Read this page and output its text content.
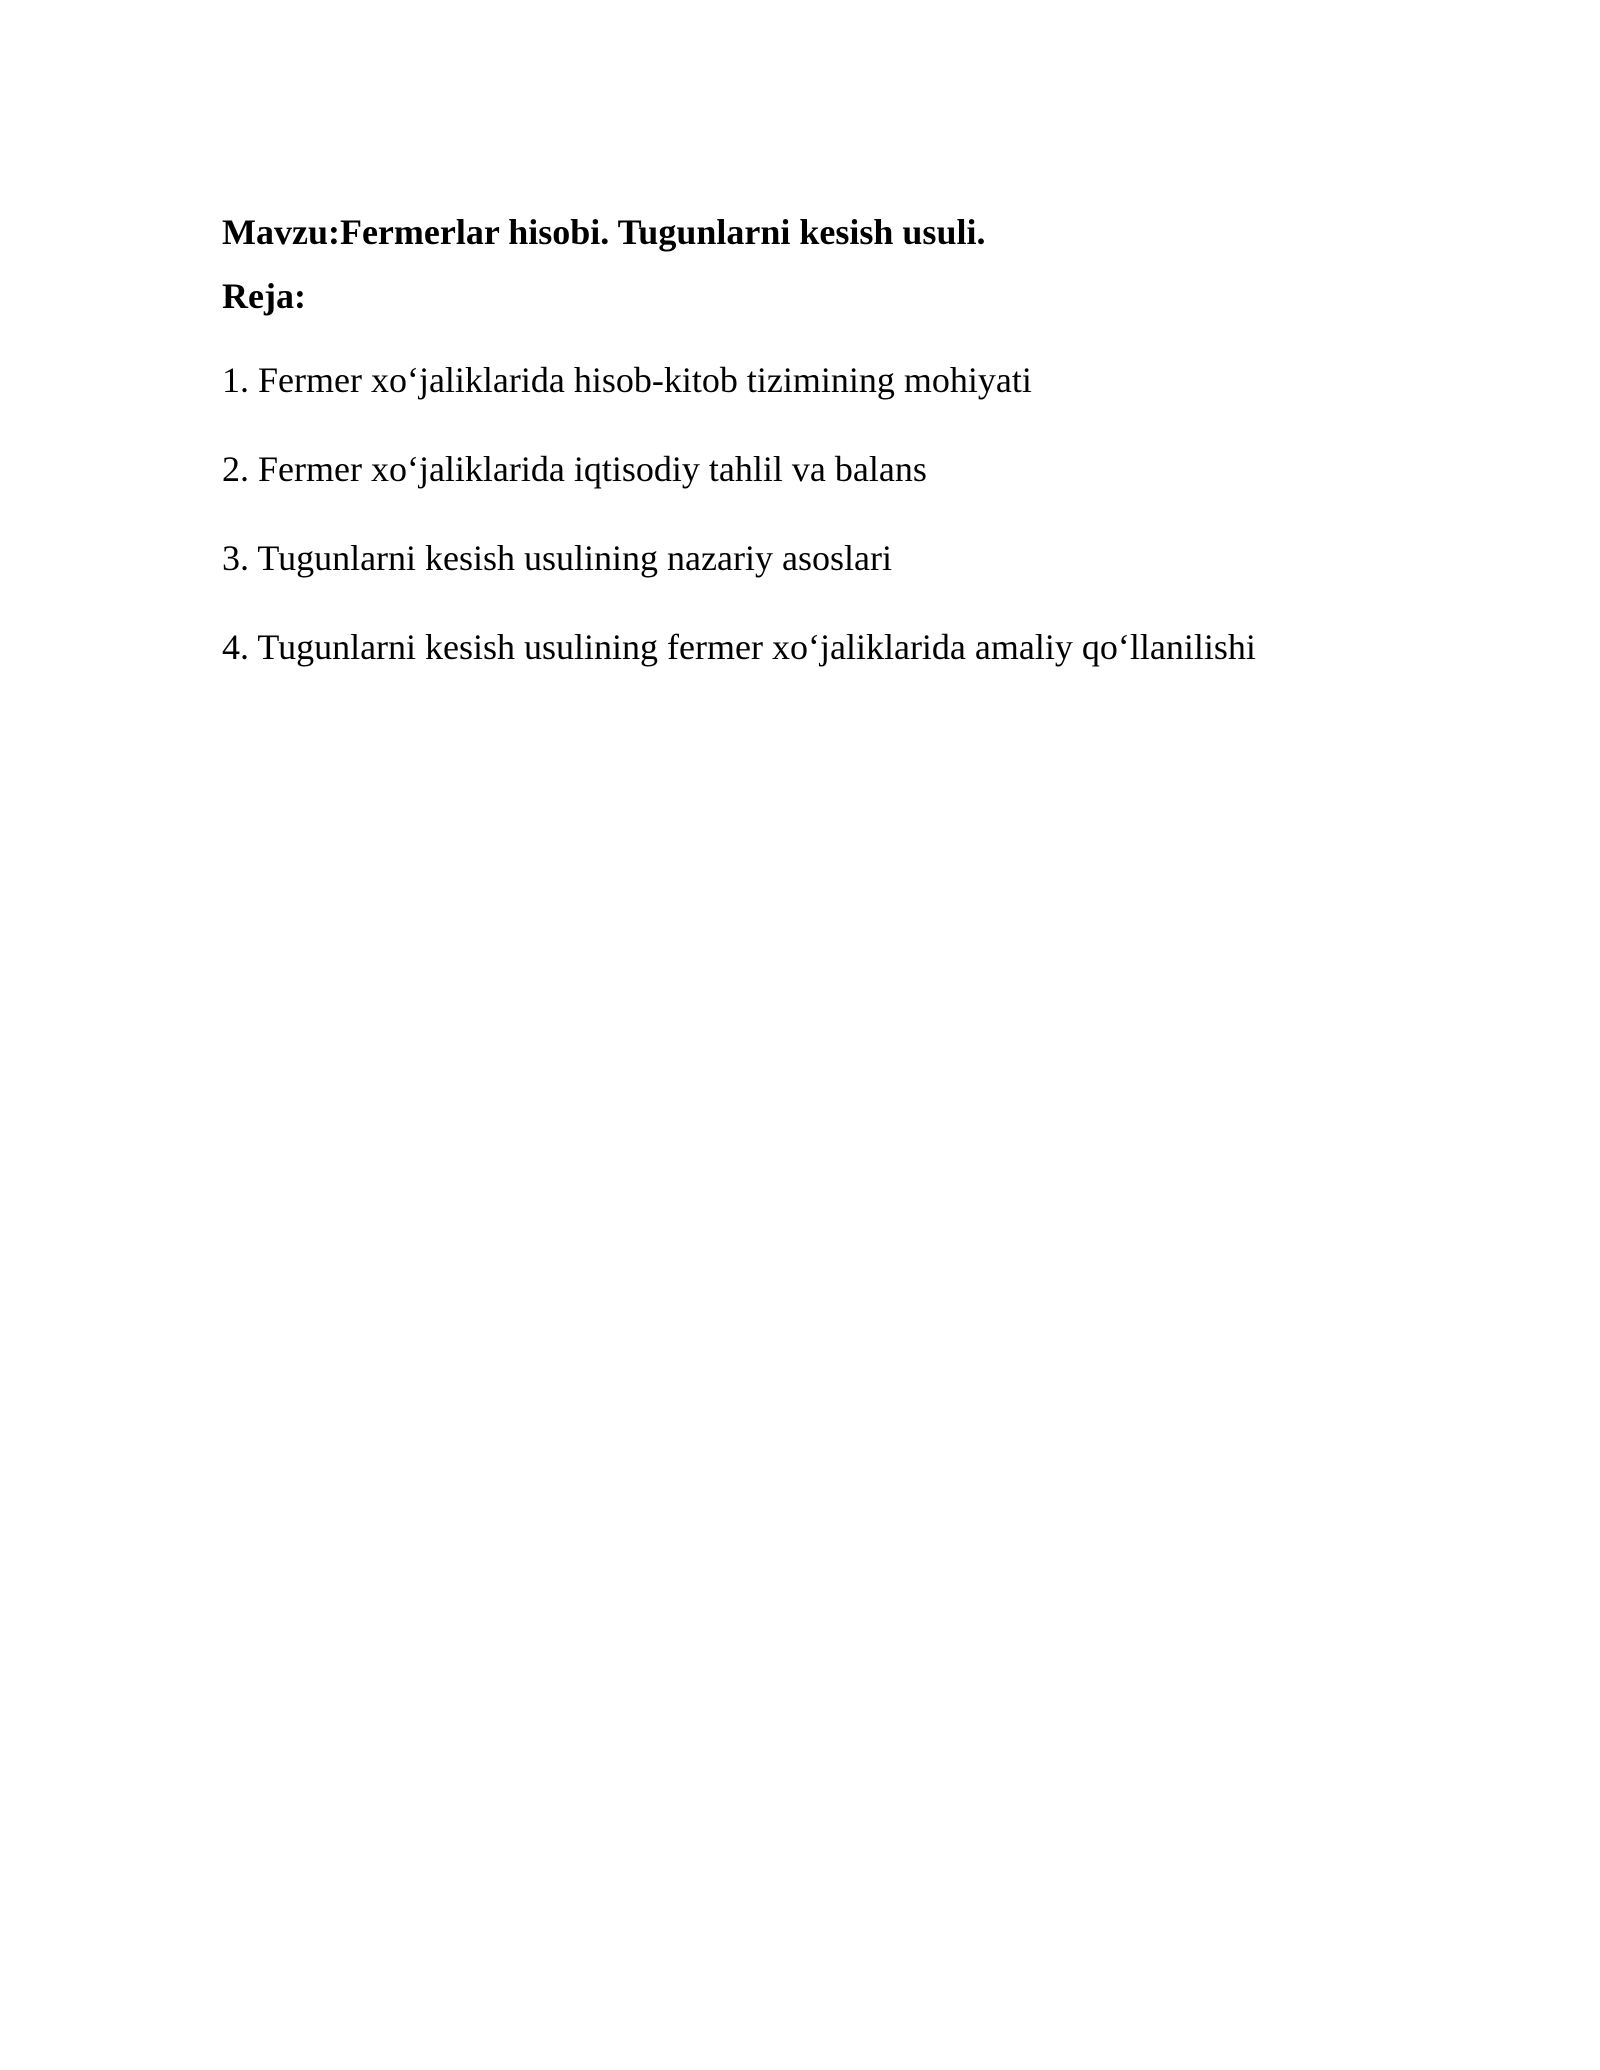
Mavzu:Fermerlar hisobi. Tugunlarni kesish usuli.

Reja:

1. Fermer xo‘jaliklarida hisob-kitob tizimining mohiyati
2. Fermer xo‘jaliklarida iqtisodiy tahlil va balans
3. Tugunlarni kesish usulining nazariy asoslari
4. Tugunlarni kesish usulining fermer xo‘jaliklarida amaliy qo‘llanilishi
